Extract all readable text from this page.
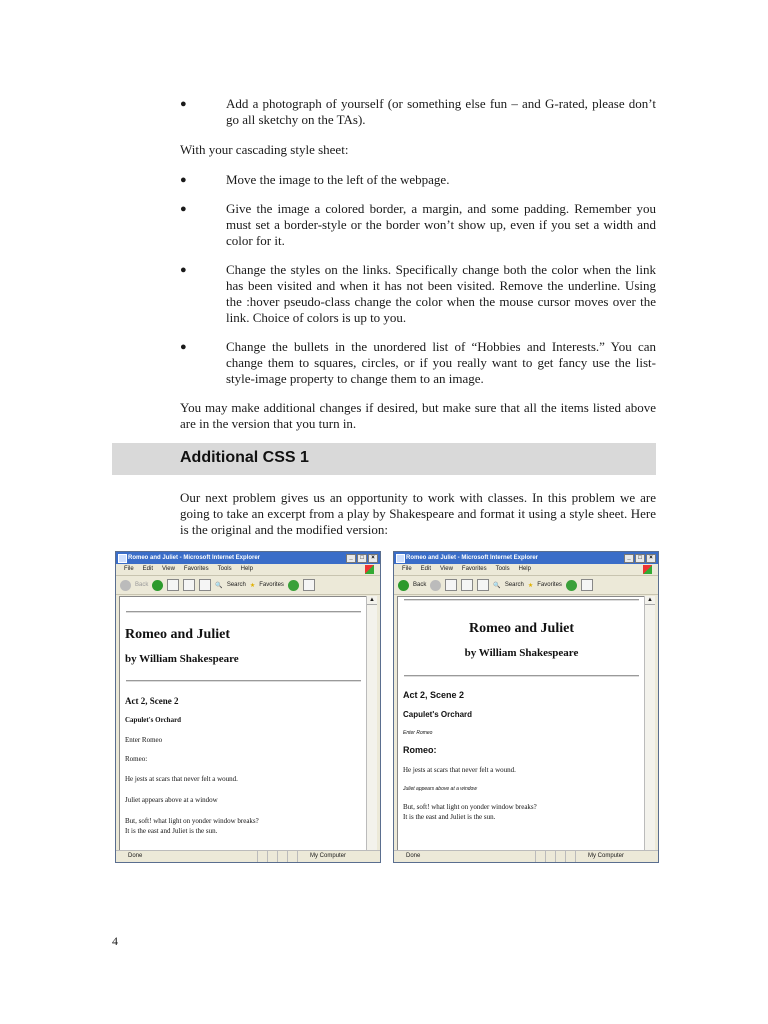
●	Add a photograph of yourself (or something else fun – and G-rated, please don’t go all sketchy on the TAs).
With your cascading style sheet:
●	Move the image to the left of the webpage.
●	Give the image a colored border, a margin, and some padding. Remember you must set a border-style or the border won’t show up, even if you set a width and color for it.
●	Change the styles on the links. Specifically change both the color when the link has been visited and when it has not been visited. Remove the underline. Using the :hover pseudo-class change the color when the mouse cursor moves over the link. Choice of colors is up to you.
●	Change the bullets in the unordered list of “Hobbies and Interests.” You can change them to squares, circles, or if you really want to get fancy use the list-style-image property to change them to an image.
You may make additional changes if desired, but make sure that all the items listed above are in the version that you turn in.
Additional CSS 1
Our next problem gives us an opportunity to work with classes. In this problem we are going to take an excerpt from a play by Shakespeare and format it using a style sheet. Here is the original and the modified version:
Romeo and Juliet - Microsoft Internet Explorer	_	□	×
File Edit View Favorites Tools Help
Back	🔍 Search ★ Favorites
Romeo and Juliet
by William Shakespeare
Act 2, Scene 2
Capulet's Orchard
Enter Romeo
Romeo:
He jests at scars that never felt a wound.
Juliet appears above at a window
But, soft! what light on yonder window breaks?
It is the east and Juliet is the sun.
▲
Done	My Computer
Romeo and Juliet - Microsoft Internet Explorer	_	□	×
File Edit View Favorites Tools Help
Back	🔍 Search ★ Favorites
Romeo and Juliet
by William Shakespeare
Act 2, Scene 2
Capulet's Orchard
Enter Romeo
Romeo:
He jests at scars that never felt a wound.
Juliet appears above at a window
But, soft! what light on yonder window breaks?
It is the east and Juliet is the sun.
▲
Done	My Computer
4
